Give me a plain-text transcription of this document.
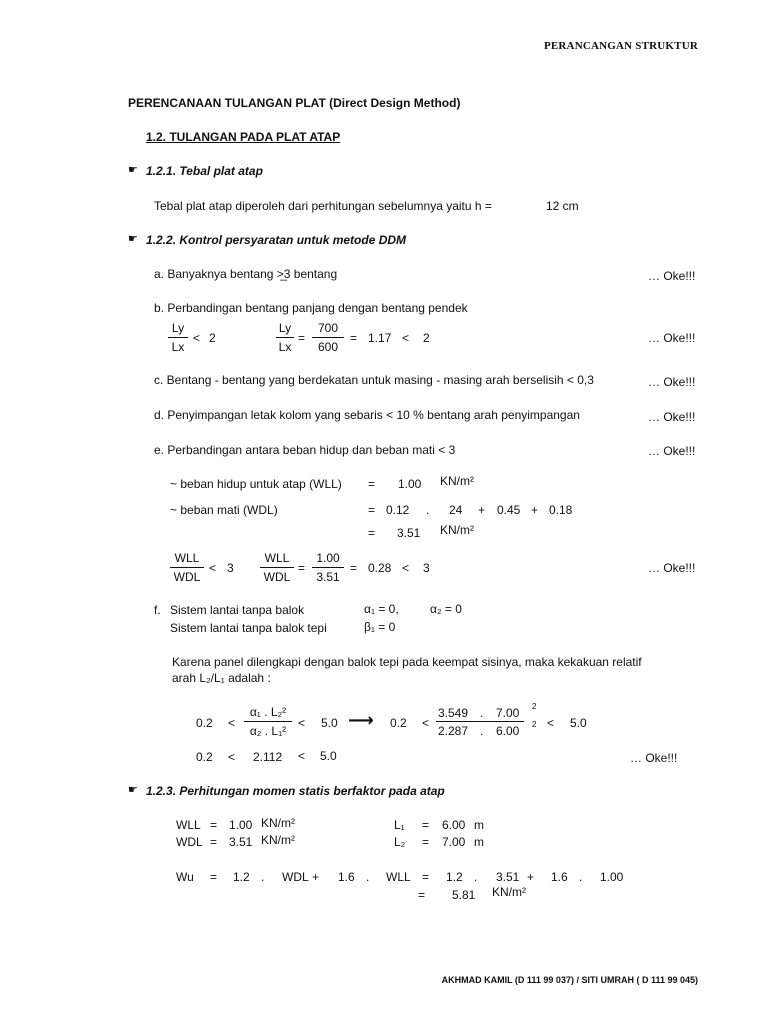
PERANCANGAN STRUKTUR
PERENCANAAN TULANGAN PLAT (Direct Design Method)
1.2. TULANGAN PADA PLAT ATAP
☛ 1.2.1. Tebal plat atap
Tebal plat atap diperoleh dari perhitungan sebelumnya yaitu h =	12 cm
☛ 1.2.2. Kontrol persyaratan untuk metode DDM
a. Banyaknya bentang >̲3 bentang	… Oke!!!
b. Perbandingan bentang panjang dengan bentang pendek
Ly
Lx
< 2
Ly
Lx
=
700
600
= 1.17 < 2	… Oke!!!
c. Bentang - bentang yang berdekatan untuk masing - masing arah berselisih < 0,3	… Oke!!!
d. Penyimpangan letak kolom yang sebaris < 10 % bentang arah penyimpangan	… Oke!!!
e. Perbandingan antara beban hidup dan beban mati < 3	… Oke!!!
~ beban hidup untuk atap (WLL) = 1.00 KN/m²
~ beban mati (WDL)	= 0.12 . 24 + 0.45 + 0.18
= 3.51 KN/m²
WLL
WDL
< 3
WLL
WDL
=
1.00
3.51
= 0.28 < 3	… Oke!!!
f. Sistem lantai tanpa balok	α₁ = 0,	α₂ = 0
Sistem lantai tanpa balok tepi	β₁ = 0
Karena panel dilengkapi dengan balok tepi pada keempat sisinya, maka kekakuan relatif
arah L₂/L₁ adalah :
0.2 <
α₁ . L₂²
α₂ . L₁²
< 5.0 ⟶ 0.2 <
3.549 . 7.00 2
2.287 . 6.00 2 < 5.0
0.2 < 2.112 < 5.0	… Oke!!!
☛ 1.2.3. Perhitungan momen statis berfaktor pada atap
WLL = 1.00 KN/m²
WDL = 3.51 KN/m²
L₁ = 6.00 m
L₂ = 7.00 m
Wu = 1.2 . WDL + 1.6 . WLL = 1.2 . 3.51 + 1.6 . 1.00
= 5.81 KN/m²
AKHMAD KAMIL (D 111 99 037) / SITI UMRAH ( D 111 99 045)
